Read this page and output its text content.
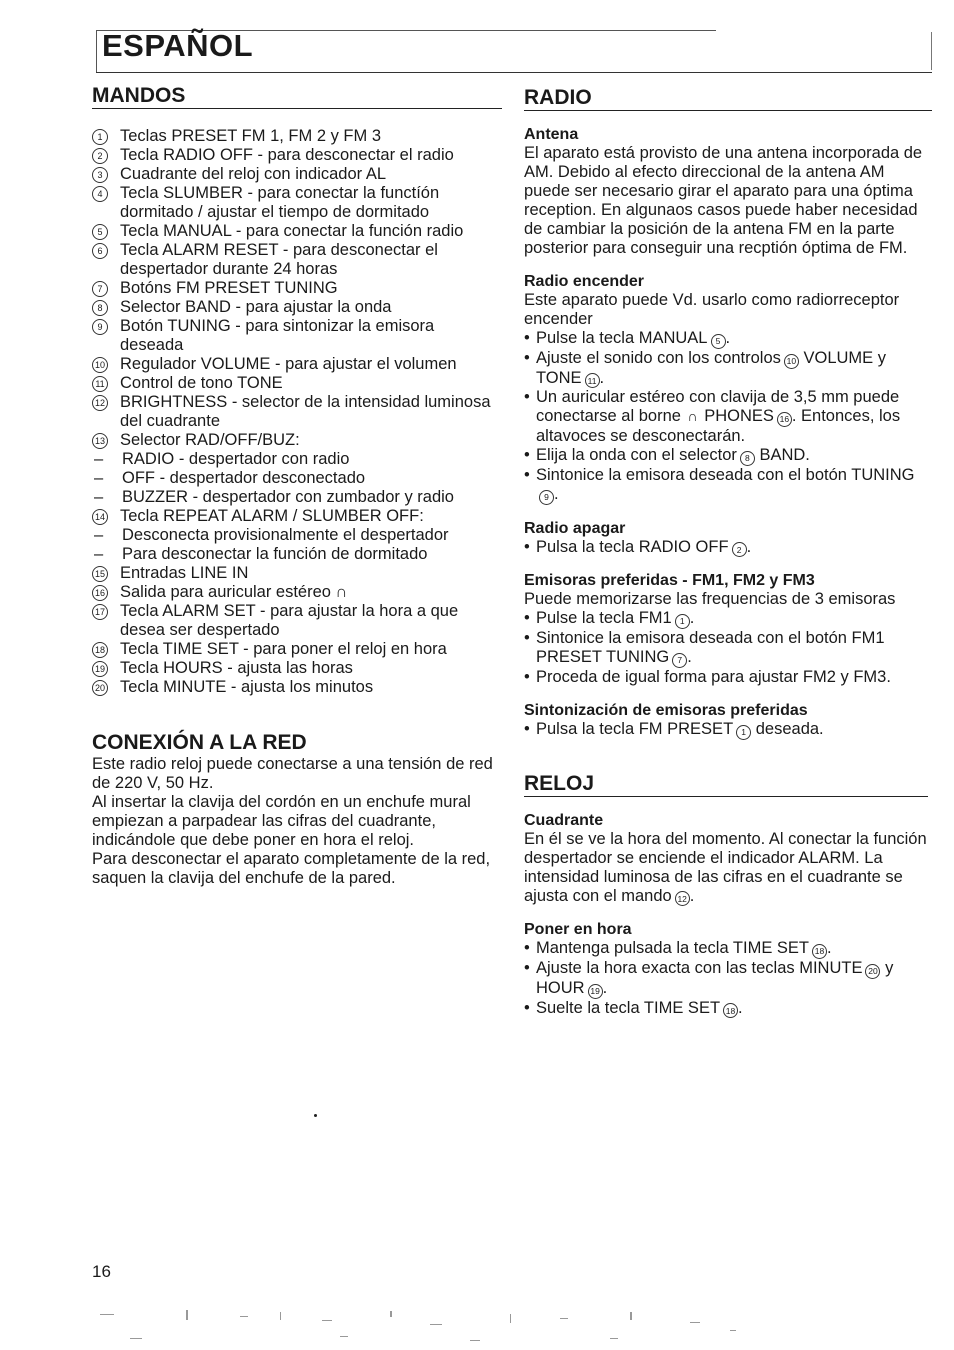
ESPAÑOL
MANDOS
1	Teclas PRESET FM 1, FM 2 y FM 3
2	Tecla RADIO OFF - para desconectar el radio
3	Cuadrante del reloj con indicador AL
4	Tecla SLUMBER - para conectar la functíón dormitado / ajustar el tiempo de dormitado
5	Tecla MANUAL - para conectar la función radio
6	Tecla ALARM RESET - para desconectar el despertador durante 24 horas
7	Botóns FM PRESET TUNING
8	Selector BAND - para ajustar la onda
9	Botón TUNING - para sintonizar la emisora deseada
10 Regulador VOLUME - para ajustar el volumen
11 Control de tono TONE
12 BRIGHTNESS - selector de la intensidad luminosa del cuadrante
13 Selector RAD/OFF/BUZ:
–	RADIO - despertador con radio
–	OFF - despertador desconectado
–	BUZZER - despertador con zumbador y radio
14 Tecla REPEAT ALARM / SLUMBER OFF:
–	Desconecta provisionalmente el despertador
–	Para desconectar la función de dormitado
15 Entradas LINE IN
16 Salida para auricular estéreo ∩
17 Tecla ALARM SET - para ajustar la hora a que desea ser despertado
18 Tecla TIME SET - para poner el reloj en hora
19 Tecla HOURS - ajusta las horas
20 Tecla MINUTE - ajusta los minutos
CONEXIÓN A LA RED

Este radio reloj puede conectarse a una tensión de red de 220 V, 50 Hz.

Al insertar la clavija del cordón en un enchufe mural empiezan a parpadear las cifras del cuadrante, indicándole que debe poner en hora el reloj.

Para desconectar el aparato completamente de la red, saquen la clavija del enchufe de la pared.

RADIO
Antena

El aparato está provisto de una antena incorporada de AM. Debido al efecto direccional de la antena AM puede ser necesario girar el aparato para una óptima reception. En algunaos casos puede haber necesidad de cambiar la posición de la antena FM en la parte posterior para conseguir una recptión óptima de FM.

Radio encender

Este aparato puede Vd. usarlo como radiorreceptor encender

• Pulse la tecla MANUAL 5 .
• Ajuste el sonido con los controlos 10 VOLUME y TONE 11 .
• Un auricular estéreo con clavija de 3,5 mm puede conectarse al borne ∩ PHONES 16 . Entonces, los altavoces se desconectarán.
• Elija la onda con el selector 8 BAND.
• Sintonice la emisora deseada con el botón TUNING9 .
Radio apagar
• Pulsa la tecla RADIO OFF 2 .
Emisoras preferidas - FM1, FM2 y FM3

Puede memorizarse las frequencias de 3 emisoras

• Pulse la tecla FM1 1 .
• Sintonice la emisora deseada con el botón FM1 PRESET TUNING 7 .
• Proceda de igual forma para ajustar FM2 y FM3.
Sintonización de emisoras preferidas
• Pulsa la tecla FM PRESET 1 deseada.
RELOJ
Cuadrante

En él se ve la hora del momento. Al conectar la función despertador se enciende el indicador ALARM. La intensidad luminosa de las cifras en el cuadrante se ajusta con el mando 12 .

Poner en hora
• Mantenga pulsada la tecla TIME SET 18 .
• Ajuste la hora exacta con las teclas MINUTE 20 y HOUR 19 .
• Suelte la tecla TIME SET 18 .
16
